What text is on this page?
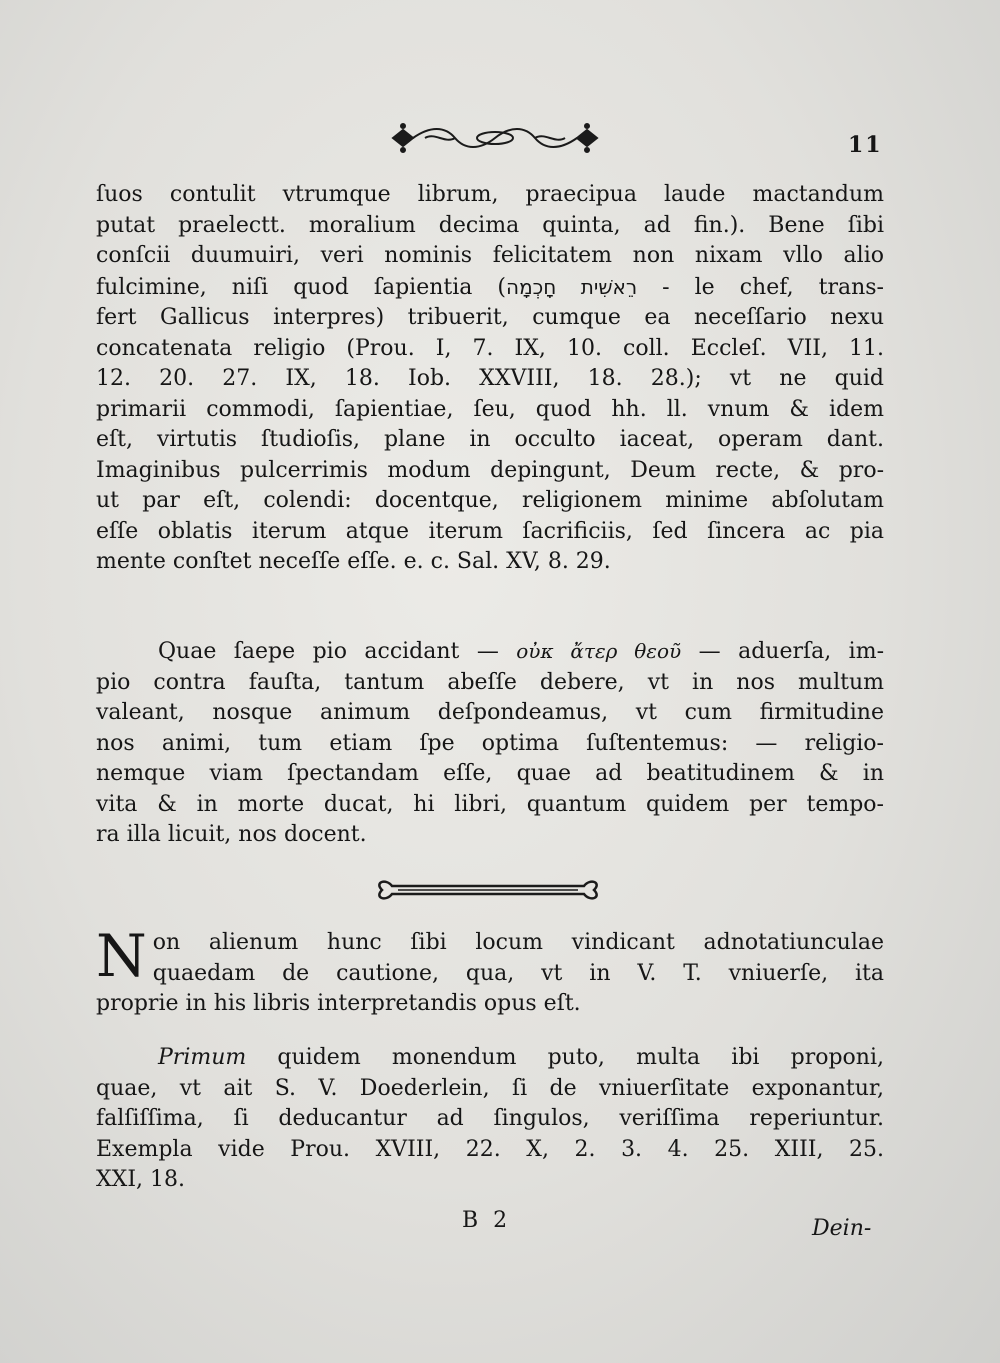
11

ſuos contulit vtrumque librum, praecipua laude mactandum

putat praelectt. moralium decima quinta, ad fin.). Bene ſibi

conſcii duumuiri, veri nominis felicitatem non nixam vllo alio

fulcimine, niſi quod ſapientia (רֵאשִׁית חָכְמָה - le chef, trans-

fert Gallicus interpres) tribuerit, cumque ea neceſſario nexu

concatenata religio (Prou. I, 7. IX, 10. coll. Eccleſ. VII, 11.

12. 20. 27. IX, 18. Iob. XXVIII, 18. 28.); vt ne quid

primarii commodi, ſapientiae, ſeu, quod hh. ll. vnum & idem

eſt, virtutis ſtudioſis, plane in occulto iaceat, operam dant.

Imaginibus pulcerrimis modum depingunt, Deum recte, & pro-

ut par eſt, colendi: docentque, religionem minime abſolutam

eſſe oblatis iterum atque iterum ſacrificiis, ſed ſincera ac pia

mente conſtet neceſſe eſſe. e. c. Sal. XV, 8. 29.

Quae ſaepe pio accidant — οὐκ ἄτερ θεοῦ — aduerſa, im-

pio contra fauſta, tantum abeſſe debere, vt in nos multum

valeant, nosque animum deſpondeamus, vt cum firmitudine

nos animi, tum etiam ſpe optima ſuſtentemus: — religio-

nemque viam ſpectandam eſſe, quae ad beatitudinem & in

vita & in morte ducat, hi libri, quantum quidem per tempo-

ra illa licuit, nos docent.

N on alienum hunc ſibi locum vindicant adnotatiunculae

quaedam de cautione, qua, vt in V. T. vniuerſe, ita

proprie in his libris interpretandis opus eſt.

Primum quidem monendum puto, multa ibi proponi,

quae, vt ait S. V. Doederlein, ſi de vniuerſitate exponantur,

falſiſſima, ſi deducantur ad ſingulos, veriſſima reperiuntur.

Exempla vide Prou. XVIII, 22. X, 2. 3. 4. 25. XIII, 25.

XXI, 18.

B 2	Dein-
